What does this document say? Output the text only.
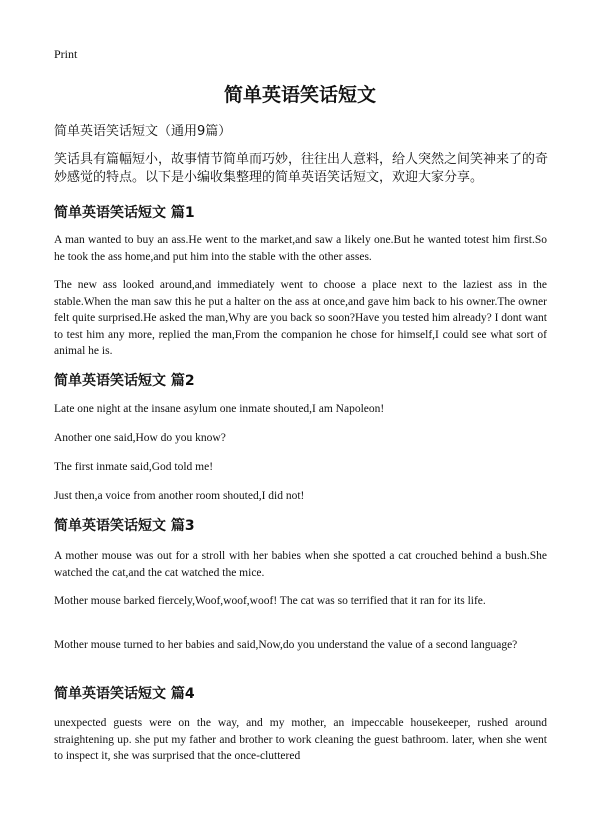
Print
简单英语笑话短文
简单英语笑话短文（通用9篇）
笑话具有篇幅短小，故事情节简单而巧妙，往往出人意料，给人突然之间笑神来了的奇妙感觉的特点。以下是小编收集整理的简单英语笑话短文，欢迎大家分享。
简单英语笑话短文 篇1
A man wanted to buy an ass.He went to the market,and saw a likely one.But he wanted totest him first.So he took the ass home,and put him into the stable with the other asses.
The new ass looked around,and immediately went to choose a place next to the laziest ass in the stable.When the man saw this he put a halter on the ass at once,and gave him back to his owner.The owner felt quite surprised.He asked the man,Why are you back so soon?Have you tested him already? I dont want to test him any more, replied the man,From the companion he chose for himself,I could see what sort of animal he is.
简单英语笑话短文 篇2
Late one night at the insane asylum one inmate shouted,I am Napoleon!
Another one said,How do you know?
The first inmate said,God told me!
Just then,a voice from another room shouted,I did not!
简单英语笑话短文 篇3
A mother mouse was out for a stroll with her babies when she spotted a cat crouched behind a bush.She watched the cat,and the cat watched the mice.
Mother mouse barked fiercely,Woof,woof,woof! The cat was so terrified that it ran for its life.
Mother mouse turned to her babies and said,Now,do you understand the value of a second language?
简单英语笑话短文 篇4
unexpected guests were on the way, and my mother, an impeccable housekeeper, rushed around straightening up. she put my father and brother to work cleaning the guest bathroom. later, when she went to inspect it, she was surprised that the once-cluttered
